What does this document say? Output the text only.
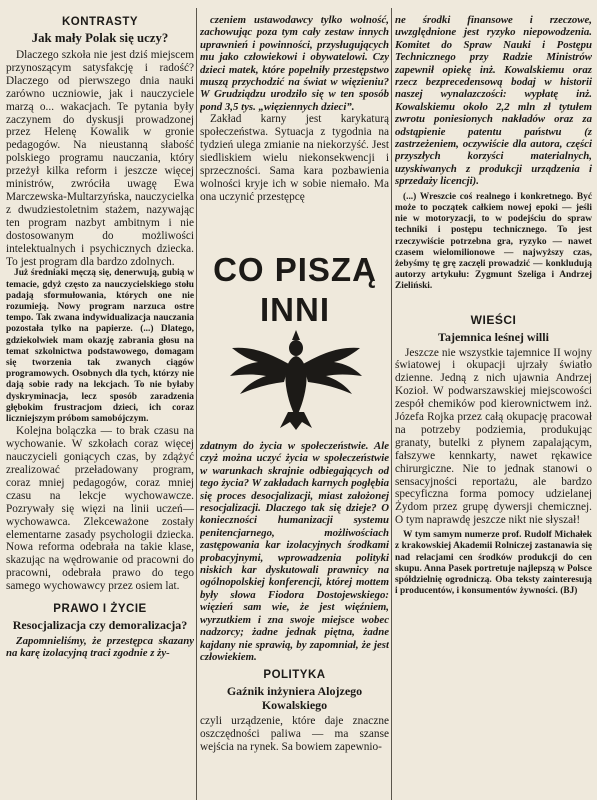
KONTRASTY
Jak mały Polak się uczy?

Dlaczego szkoła nie jest dziś miejscem przynoszącym satysfakcję i radość? Dlaczego od pierwszego dnia nauki zarówno uczniowie, jak i nauczyciele marzą o... wakacjach. Te pytania były zaczynem do dyskusji prowadzonej przez Helenę Kowalik w gronie pedagogów. Na nieustanną słabość polskiego programu nauczania, który przeżył kilka reform i jeszcze więcej ministrów, zwróciła uwagę Ewa Marczewska-Multarzyńska, nauczycielka z dwudziestoletnim stażem, nazywając ten program nazbyt ambitnym i nie dostosowanym do możliwości intelektualnych i psychicznych dziecka. To jest program dla bardzo zdolnych.

Już średniaki męczą się, denerwują, gubią w temacie, gdyż często za nauczycielskiego stołu padają sformułowania, których one nie rozumieją. Nowy program narzuca ostre tempo. Tak zwana indywidualizacja nauczania pozostała tylko na papierze. (...) Dlatego, gdziekolwiek mam okazję zabrania głosu na temat szkolnictwa podstawowego, domagam się tworzenia tak zwanych ciągów programowych. Osobnych dla tych, którzy nie dają sobie rady na lekcjach. To nie byłaby dyskryminacja, lecz sposób zaradzenia głębokim frustracjom dzieci, ich coraz liczniejszym próbom samobójczym.

Kolejna bolączka — to brak czasu na wychowanie. W szkołach coraz więcej nauczycieli goniących czas, by zdążyć zrealizować przeładowany program, coraz mniej pedagogów, coraz mniej czasu na lekcje wychowawcze. Pozrywały się więzi na linii uczeń—wychowawca. Zlekceważone zostały elementarne zasady psychologii dziecka. Nowa reforma odebrała na takie klase, skazując na wędrowanie od pracowni do pracowni, odebrała prawo do tego samego wychowawcy przez osiem lat.

PRAWO I ŻYCIE
Resocjalizacja czy demoralizacja?

Zapomnieliśmy, że przestępca skazany na karę izolacyjną traci zgodnie z ży-

czeniem ustawodawcy tylko wolność, zachowując poza tym cały zestaw innych uprawnień i powinności, przysługujących mu jako człowiekowi i obywatelowi. Czy dzieci matek, które popełniły przestępstwo muszą przychodzić na świat w więzieniu? W Grudziądzu urodziło się w ten sposób pond 3,5 tys. „więziennych dzieci”.

Zakład karny jest karykaturą społeczeństwa. Sytuacja z tygodnia na tydzień ulega zmianie na niekorzyść. Jest siedliskiem wielu niekonsekwencji i sprzeczności. Sama kara pozbawienia wolności kryje ich w sobie niemało. Ma ona uczynić przestępcę

CO PISZĄ
INNI

zdatnym do życia w społeczeństwie. Ale czyż można uczyć życia w społeczeństwie w warunkach skrajnie odbiegających od tego życia? W zakładach karnych pogłębia się proces desocjalizacji, miast założonej resocjalizacji. Dlaczego tak się dzieje? O konieczności humanizacji systemu penitencjarnego, możliwościach zastępowania kar izolacyjnych środkami probacyjnymi, wprowadzenia polityki niskich kar dyskutowali prawnicy na ogólnopolskiej konferencji, której mottem były słowa Fiodora Dostojewskiego: więzień sam wie, że jest więźniem, wyrzutkiem i zna swoje miejsce wobec nadzorcy; żadne jednak piętna, żadne kajdany nie sprawią, by zapomniał, że jest człowiekiem.

POLITYKA
Gaźnik inżyniera Alojzego Kowalskiego

czyli urządzenie, które daje znaczne oszczędności paliwa — ma szanse wejścia na rynek. Sa bowiem zapewnio-

ne środki finansowe i rzeczowe, uwzględnione jest ryzyko niepowodzenia. Komitet do Spraw Nauki i Postępu Technicznego przy Radzie Ministrów zapewnił opiekę inż. Kowalskiemu oraz rzecz bezprecedensową bodaj w historii naszej wynalazczości: wypłatę inż. Kowalskiemu około 2,2 mln zł tytułem zwrotu poniesionych nakładów oraz za odstąpienie patentu państwu (z zastrzeżeniem, oczywiście dla autora, części przyszłych korzyści materialnych, uzyskiwanych z produkcji urządzenia i sprzedaży licencji).

(...) Wreszcie coś realnego i konkretnego. Być może to początek całkiem nowej epoki — jeśli nie w motoryzacji, to w podejściu do spraw techniki i postępu technicznego. To jest rzeczywiście potrzebna gra, ryzyko — nawet czasem wielomilionowe — najwyższy czas, żebyśmy tę grę zaczęli prowadzić — konkludują autorzy artykułu: Zygmunt Szeliga i Andrzej Zieliński.

WIEŚCI
Tajemnica leśnej willi

Jeszcze nie wszystkie tajemnice II wojny światowej i okupacji ujrzały światło dzienne. Jedną z nich ujawnia Andrzej Kozioł. W podwarszawskiej miejscowości zespół chemików pod kierownictwem inż. Józefa Rojka przez całą okupację pracował na potrzeby podziemia, produkując granaty, butelki z płynem zapalającym, fałszywe kennkarty, nawet rękawice chirurgiczne. Nie to jednak stanowi o sensacyjności reportażu, ale bardzo specyficzna forma pomocy udzielanej Żydom przez grupę dywersji chemicznej. O tym naprawdę jeszcze nikt nie słyszał!

W tym samym numerze prof. Rudolf Michałek z krakowskiej Akademii Rolniczej zastanawia się nad relacjami cen środków produkcji do cen skupu. Anna Pasek portretuje najlepszą w Polsce spółdzielnię ogrodniczą. Oba teksty zainteresują i producentów, i konsumentów żywności. (BJ)
